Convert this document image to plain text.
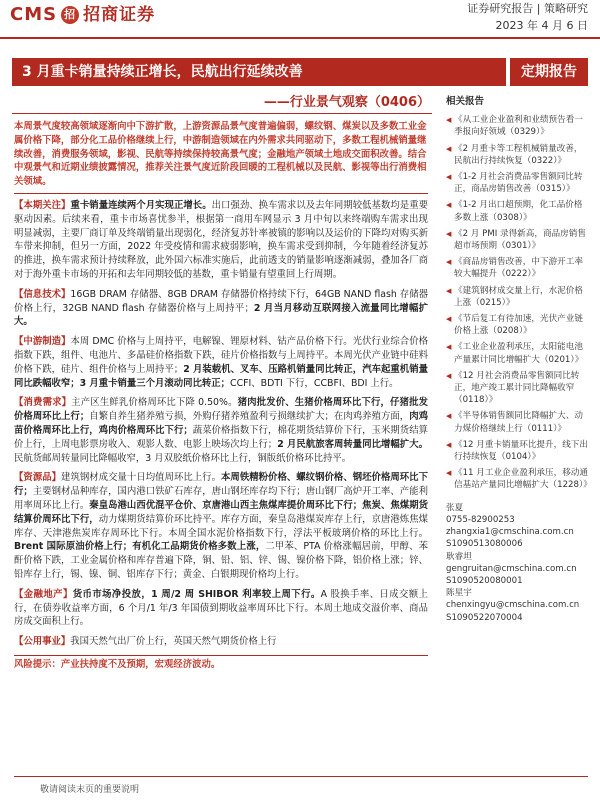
CMS 招 招商证券	证券研究报告 | 策略研究
2023 年 4 月 6 日
3 月重卡销量持续正增长，民航出行延续改善	定期报告
——行业景气观察（0406）
本周景气度较高领域逐渐向中下游扩散，上游资源品景气度普遍偏弱，螺纹钢、煤炭以及多数工业金属价格下降，部分化工品价格继续上行，中游制造领域在内外需求共同驱动下，多数工程机械销量继续改善，消费服务领域，影视、民航等持续保持较高景气度；金融地产领域土地成交面积改善。结合中观景气和近期业绩披露情况，推荐关注景气度近阶段回暖的工程机械以及民航、影视等出行消费相关领域。
【本期关注】重卡销量连续两个月实现正增长。出口强劲、换车需求以及去年同期较低基数均是重要驱动因素。后续来看，重卡市场喜忧参半，根据第一商用车网显示 3 月中旬以来终端购车需求出现明显减弱，主要厂商订单及终端销量出现弱化，经济复苏针率被镇的影响以及运价的下降均对购买新车带来抑制，但另一方面，2022 年受疫情和需求疲弱影响，换车需求受到抑制，今年随着经济复苏的推进，换车需求预计持续释放，此外国六标准实施后，此前透支的销量影响逐渐减弱，叠加各厂商对于海外重卡市场的开拓和去年同期较低的基数，重卡销量有望重回上行周期。
【信息技术】16GB DRAM 存储器、8GB DRAM 存储器价格持续下行，64GB NAND flash 存储器价格上行，32GB NAND flash 存储器价格与上周持平；2 月当月移动互联网接入流量同比增幅扩大。
【中游制造】本周 DMC 价格与上周持平，电解镍、锂原材料、钴产品价格下行。光伏行业综合价格指数下跌，组件、电池片、多晶硅价格指数下跌，硅片价格指数与上周持平。本周光伏产业链中硅料价格下跌，硅片、组件价格与上周持平；2 月装载机、叉车、压路机销量同比转正，汽车起重机销量同比跌幅收窄；3 月重卡销量三个月滚动同比转正；CCFI、BDTI 下行，CCBFI、BDI 上行。
【消费需求】主产区生鲜乳价格周环比下降 0.50%。猪肉批发价、生猪价格周环比下行，仔猪批发价格周环比上行；自繁自养生猪养殖亏损，外购仔猪养殖盈利亏损继续扩大；在肉鸡养殖方面，肉鸡苗价格周环比上行，鸡肉价格周环比下行；蔬菜价格指数下行，棉花期货结算价下行，玉米期货结算价上行，上周电影票房收入、观影人数、电影上映场次均上行；2 月民航旅客周转量同比增幅扩大。民航货邮周转量同比降幅收窄，3 月双胶纸价格环比上行，铜版纸价格环比持平。
【资源品】建筑钢材成交量十日均值周环比上行。本周铁精粉价格、螺纹钢价格、钢坯价格周环比下行；主要钢材品种库存，国内港口铁矿石库存，唐山钢坯库存均下行；唐山钢厂高炉开工率、产能利用率周环比上行。秦皇岛港山西优混平仓价、京唐港山西主焦煤库提价周环比下行；焦炭、焦煤期货结算价周环比下行，动力煤期货结算价环比持平。库存方面，秦皇岛港煤炭库存上行，京唐港炼焦煤库存、天津港焦炭库存周环比下行。本周全国水泥价格指数下行，浮法平板玻璃价格的环比上行。Brent 国际原油价格上行；有机化工品期货价格多数上涨，二甲苯、PTA 价格涨幅居前，甲醇、苯酐价格下跌，工业金属价格和库存普遍下降，铜、铅、铝、锌、锡、镍价格下降，铝价格上涨；锌、铅库存上行，锡、镍、铜、铝库存下行；黄金、白银期现价格均上行。
【金融地产】货币市场净投放，1 周/2 周 SHIBOR 利率较上周下行。A 股换手率、日成交额上行，在债券收益率方面，6 个月/1 年/3 年国债到期收益率周环比下行。本周土地成交溢价率、商品房成交面积上行。
【公用事业】我国天然气出厂价上行，英国天然气期货价格上行
风险提示：产业扶持度不及预期，宏观经济波动。
相关报告
◀ 《从工业企业盈利和业绩预告看一季报向好领域（0329）》
◀ 《2 月重卡等工程机械销量改善，民航出行持续恢复（0322）》
◀ 《1-2 月社会消费品零售额同比转正，商品房销售改善（0315）》
◀ 《1-2 月出口超预期，化工品价格多数上涨（0308）》
◀ 《2 月 PMI 录得新高，商品房销售超市场预期（0301）》
◀ 《商品房销售改善，中下游开工率较大幅提升（0222）》
◀ 《建筑钢材成交量上行，水泥价格上涨（0215）》
◀ 《节后复工有待加速，光伏产业链价格上涨（0208）》
◀ 《工业企业盈利承压，太阳能电池产量累计同比增幅扩大（0201）》
◀ 《12 月社会消费品零售额同比转正，地产竣工累计同比降幅收窄（0118）》
◀ 《半导体销售额同比降幅扩大、动力煤价格继续上行（0111）》
◀ 《12 月重卡销量环比提升，线下出行持续恢复（0104）》
◀ 《11 月工业企业盈利承压，移动通信基站产量同比增幅扩大（1228）》
张夏
0755-82900253
zhangxia1@cmschina.com.cn
S1090513080006
耿睿坦
gengruitan@cmschina.com.cn
S1090520080001
陈星宇
chenxingyu@cmschina.com.cn
S1090522070004
敬请阅读末页的重要说明
